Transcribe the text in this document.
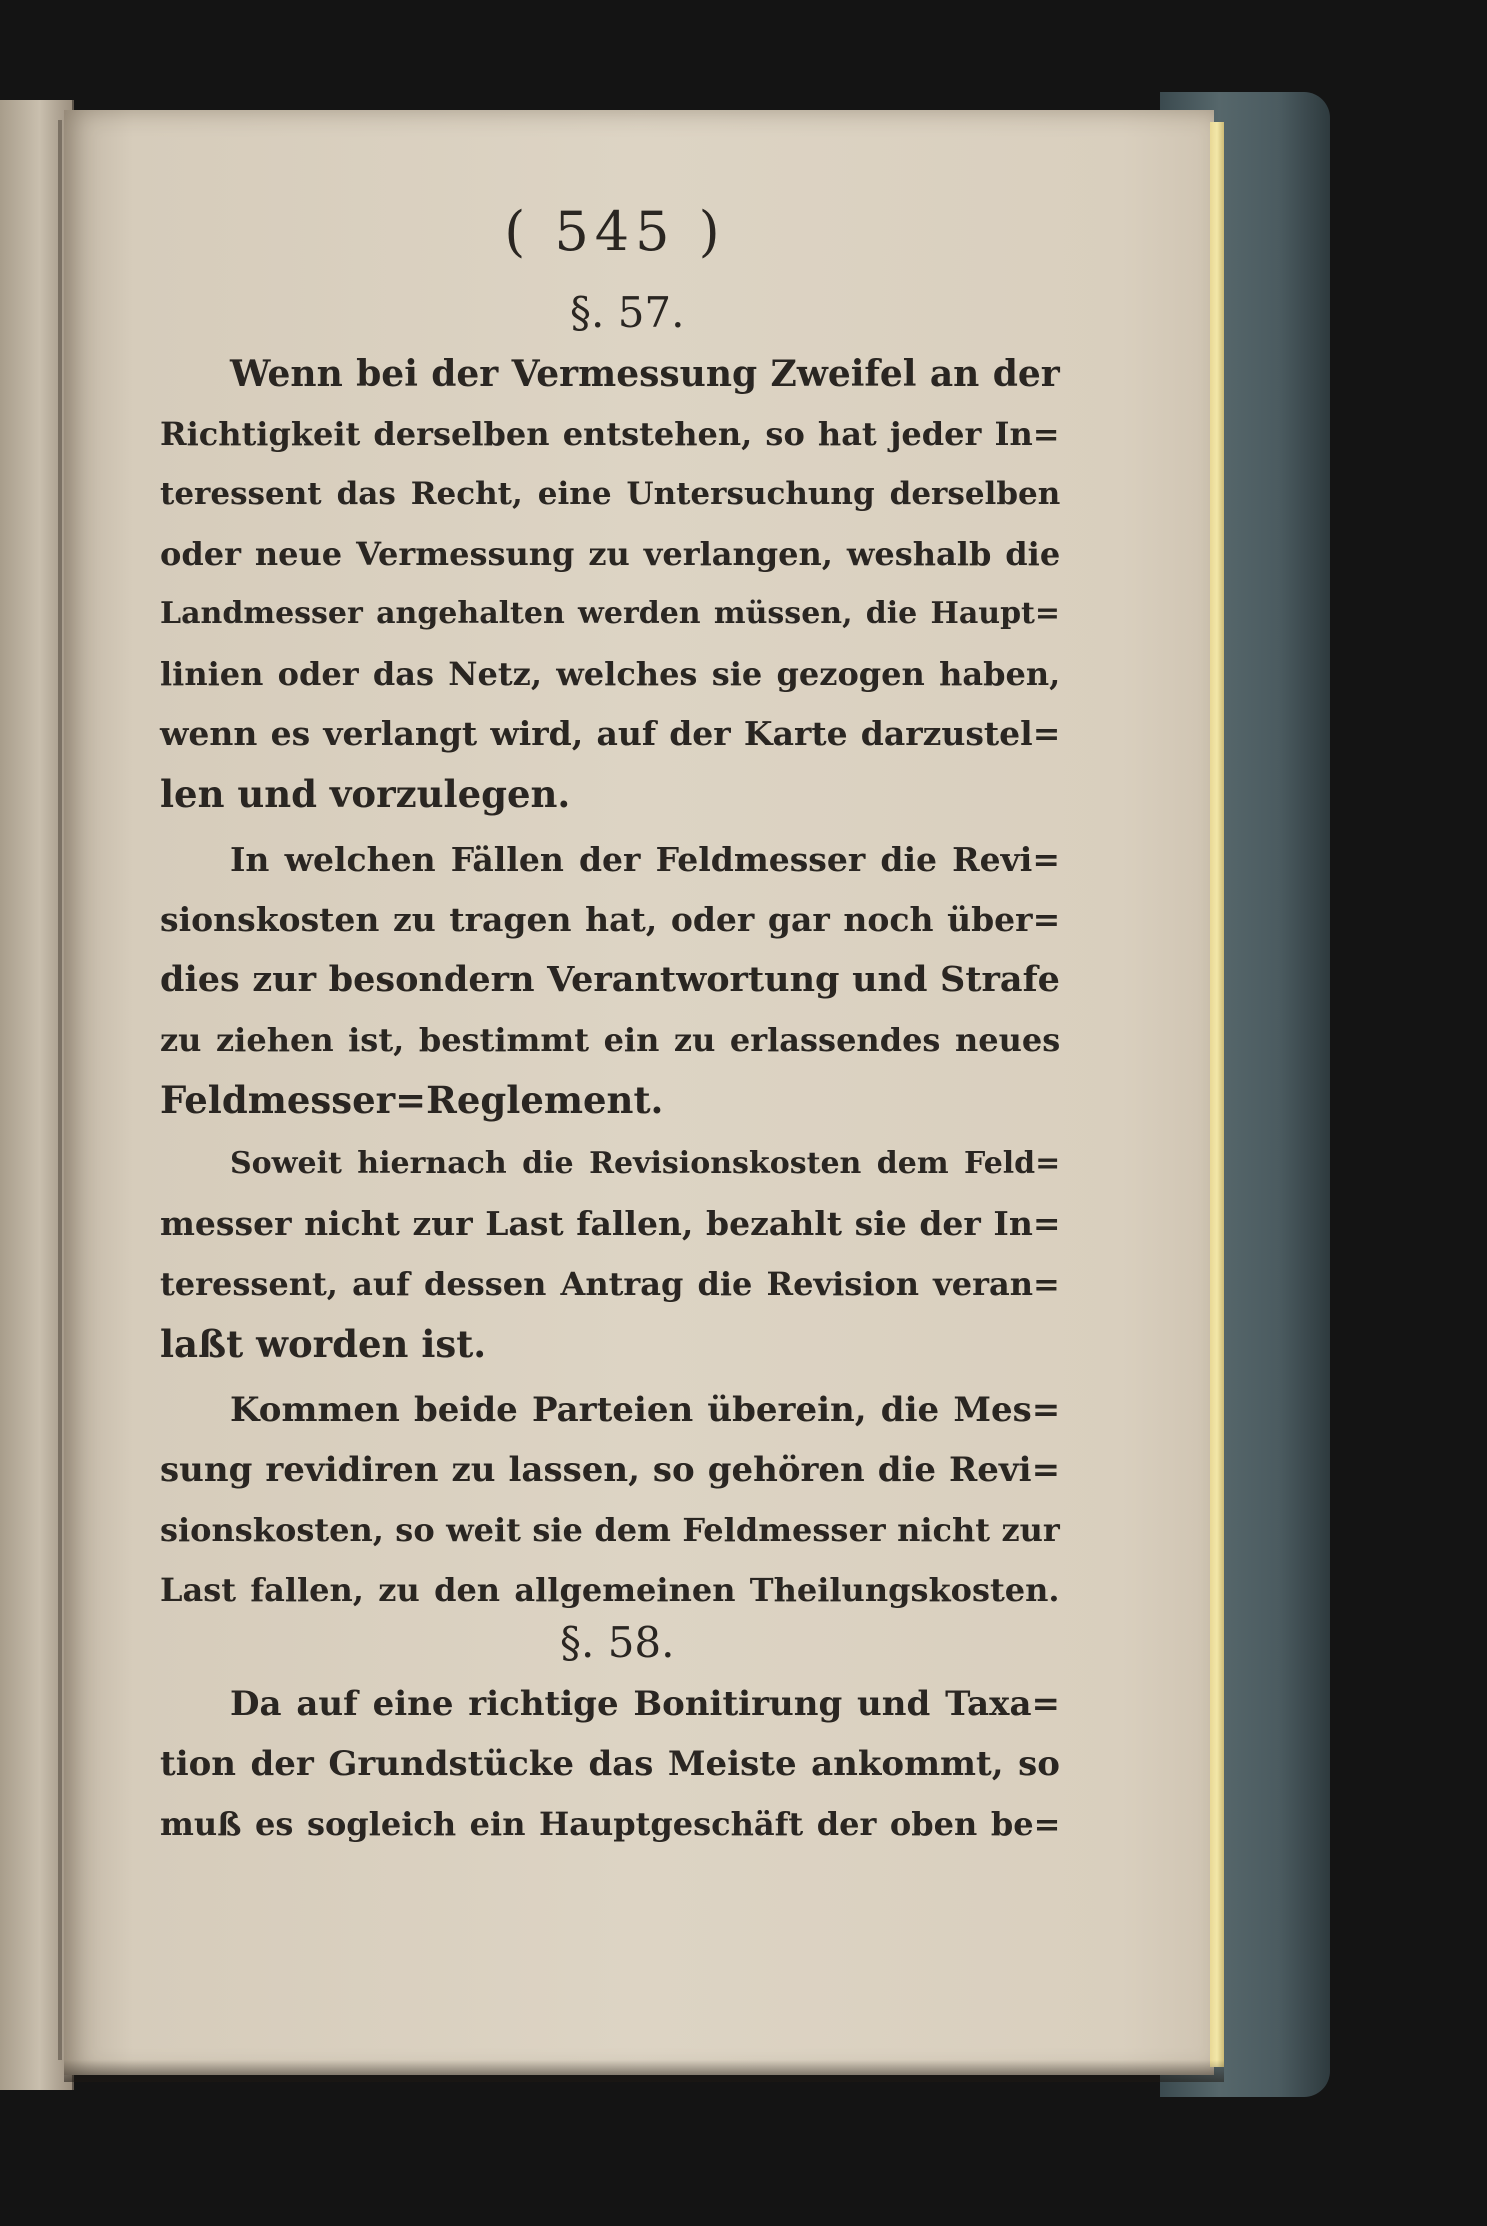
( 545 )
§. 57.
Wenn bei der Vermessung Zweifel an der
Richtigkeit derselben entstehen, so hat jeder In=
teressent das Recht, eine Untersuchung derselben
oder neue Vermessung zu verlangen, weshalb die
Landmesser angehalten werden müssen, die Haupt=
linien oder das Netz, welches sie gezogen haben,
wenn es verlangt wird, auf der Karte darzustel=
len und vorzulegen.
In welchen Fällen der Feldmesser die Revi=
sionskosten zu tragen hat, oder gar noch über=
dies zur besondern Verantwortung und Strafe
zu ziehen ist, bestimmt ein zu erlassendes neues
Feldmesser=Reglement.
Soweit hiernach die Revisionskosten dem Feld=
messer nicht zur Last fallen, bezahlt sie der In=
teressent, auf dessen Antrag die Revision veran=
laßt worden ist.
Kommen beide Parteien überein, die Mes=
sung revidiren zu lassen, so gehören die Revi=
sionskosten, so weit sie dem Feldmesser nicht zur
Last fallen, zu den allgemeinen Theilungskosten.
§. 58.
Da auf eine richtige Bonitirung und Taxa=
tion der Grundstücke das Meiste ankommt, so
muß es sogleich ein Hauptgeschäft der oben be=
